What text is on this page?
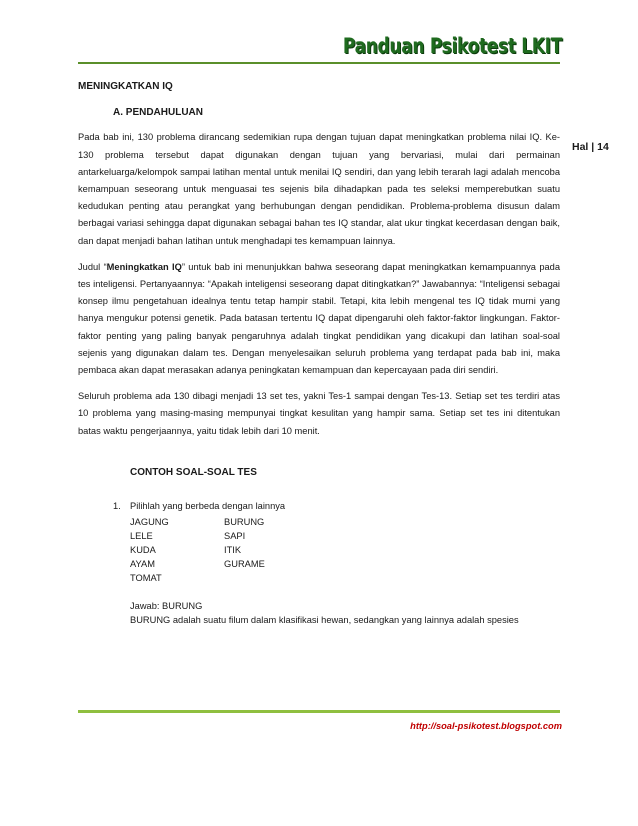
Panduan Psikotest LKIT
Hal | 14
MENINGKATKAN IQ
A. PENDAHULUAN

Pada bab ini, 130 problema dirancang sedemikian rupa dengan tujuan dapat meningkatkan problema nilai IQ. Ke-130 problema tersebut dapat digunakan dengan tujuan yang bervariasi, mulai dari permainan antarkeluarga/kelompok sampai latihan mental untuk menilai IQ sendiri, dan yang lebih terarah lagi adalah mencoba kemampuan seseorang untuk menguasai tes sejenis bila dihadapkan pada tes seleksi memperebutkan suatu kedudukan penting atau perangkat yang berhubungan dengan pendidikan. Problema-problema disusun dalam berbagai variasi sehingga dapat digunakan sebagai bahan tes IQ standar, alat ukur tingkat kecerdasan dengan baik, dan dapat menjadi bahan latihan untuk menghadapi tes kemampuan lainnya.

Judul “Meningkatkan IQ” untuk bab ini menunjukkan bahwa seseorang dapat meningkatkan kemampuannya pada tes inteligensi. Pertanyaannya: “Apakah inteligensi seseorang dapat ditingkatkan?” Jawabannya: “Inteligensi sebagai konsep ilmu pengetahuan idealnya tentu tetap hampir stabil. Tetapi, kita lebih mengenal tes IQ tidak murni yang hanya mengukur potensi genetik. Pada batasan tertentu IQ dapat dipengaruhi oleh faktor-faktor lingkungan. Faktor-faktor penting yang paling banyak pengaruhnya adalah tingkat pendidikan yang dicakupi dan latihan soal-soal sejenis yang digunakan dalam tes. Dengan menyelesaikan seluruh problema yang terdapat pada bab ini, maka pembaca akan dapat merasakan adanya peningkatan kemampuan dan kepercayaan pada diri sendiri.

Seluruh problema ada 130 dibagi menjadi 13 set tes, yakni Tes-1 sampai dengan Tes-13. Setiap set tes terdiri atas 10 problema yang masing-masing mempunyai tingkat kesulitan yang hampir sama. Setiap set tes ini ditentukan batas waktu pengerjaannya, yaitu tidak lebih dari 10 menit.

CONTOH SOAL-SOAL TES
1. Pilihlah yang berbeda dengan lainnya
JAGUNG	BURUNG
LELE	SAPI
KUDA	ITIK
AYAM	GURAME
TOMAT
Jawab: BURUNG
BURUNG adalah suatu filum dalam klasifikasi hewan, sedangkan yang lainnya adalah spesies
http://soal-psikotest.blogspot.com
